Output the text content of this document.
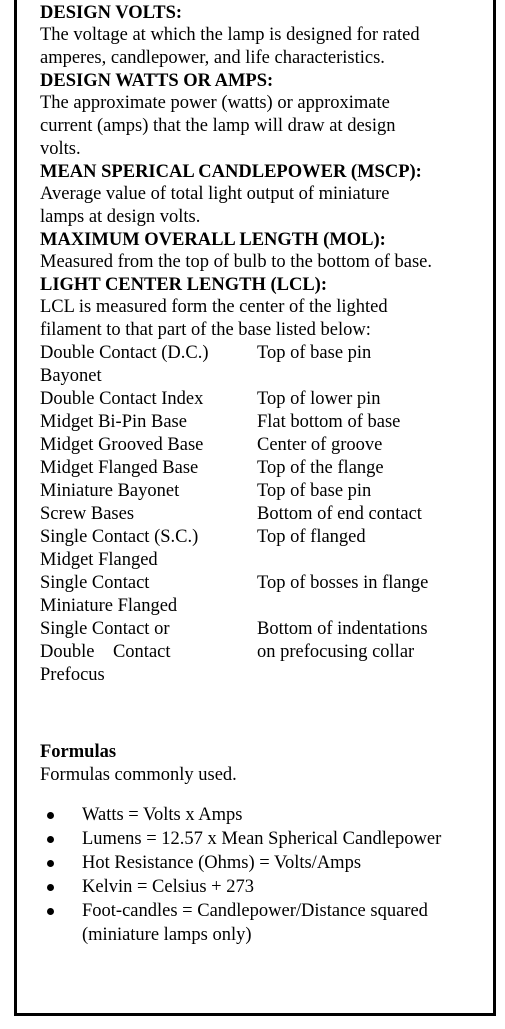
DESIGN VOLTS:

The voltage at which the lamp is designed for rated

amperes, candlepower, and life characteristics.

DESIGN WATTS OR AMPS:

The approximate power (watts) or approximate

current (amps) that the lamp will draw at design

volts.

MEAN SPERICAL CANDLEPOWER (MSCP):

Average value of total light output of miniature

lamps at design volts.

MAXIMUM OVERALL LENGTH (MOL):

Measured from the top of bulb to the bottom of base.

LIGHT CENTER LENGTH (LCL):

LCL is measured form the center of the lighted

filament to that part of the base listed below:

Double Contact (D.C.)	Top of base pin
Bayonet
Double Contact Index	Top of lower pin
Midget Bi-Pin Base	Flat bottom of base
Midget Grooved Base	Center of groove
Midget Flanged Base	Top of the flange
Miniature Bayonet	Top of base pin
Screw Bases	Bottom of end contact
Single Contact (S.C.)	Top of flanged
Midget Flanged
Single Contact	Top of bosses in flange
Miniature Flanged
Single Contact or	Bottom of indentations
Double    Contact	on prefocusing collar
Prefocus
Formulas
Formulas commonly used.
Watts = Volts x Amps
Lumens = 12.57 x Mean Spherical Candlepower
Hot Resistance (Ohms) = Volts/Amps
Kelvin = Celsius + 273
Foot-candles = Candlepower/Distance squared (miniature lamps only)
